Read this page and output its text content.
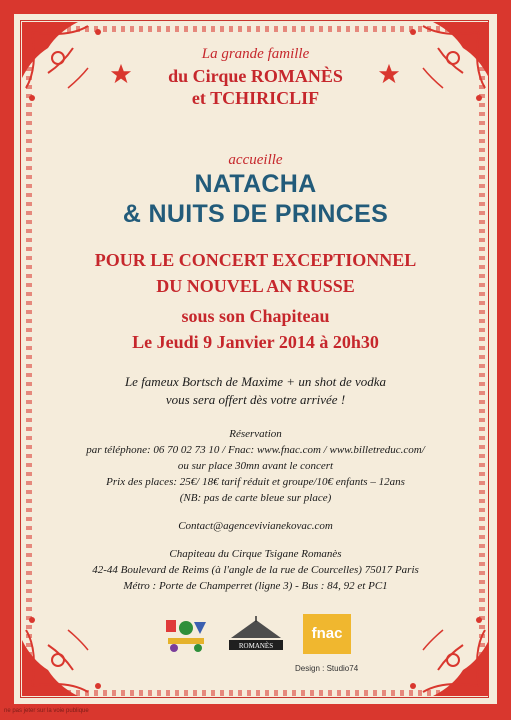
La grande famille
du Cirque ROMANÈS
et TCHIRICLIF
accueille
NATACHA
& NUITS DE PRINCES
POUR LE CONCERT EXCEPTIONNEL
DU NOUVEL AN RUSSE
sous son Chapiteau
Le Jeudi 9 Janvier 2014 à 20h30
Le fameux Bortsch de Maxime + un shot de vodka
vous sera offert dès votre arrivée !
Réservation
par téléphone: 06 70 02 73 10 / Fnac: www.fnac.com / www.billetreduc.com/
ou sur place 30mn avant le concert
Prix des places: 25€/ 18€ tarif réduit et groupe/10€ enfants – 12ans
(NB: pas de carte bleue sur place)
Contact@agencevivianekovac.com
Chapiteau du Cirque Tsigane Romanès
42-44 Boulevard de Reims (à l'angle de la rue de Courcelles) 75017 Paris
Métro : Porte de Champerret (ligne 3) - Bus : 84, 92 et PC1
ROMANÈS
fnac
Design : Studio74
ne pas jeter sur la voie publique
